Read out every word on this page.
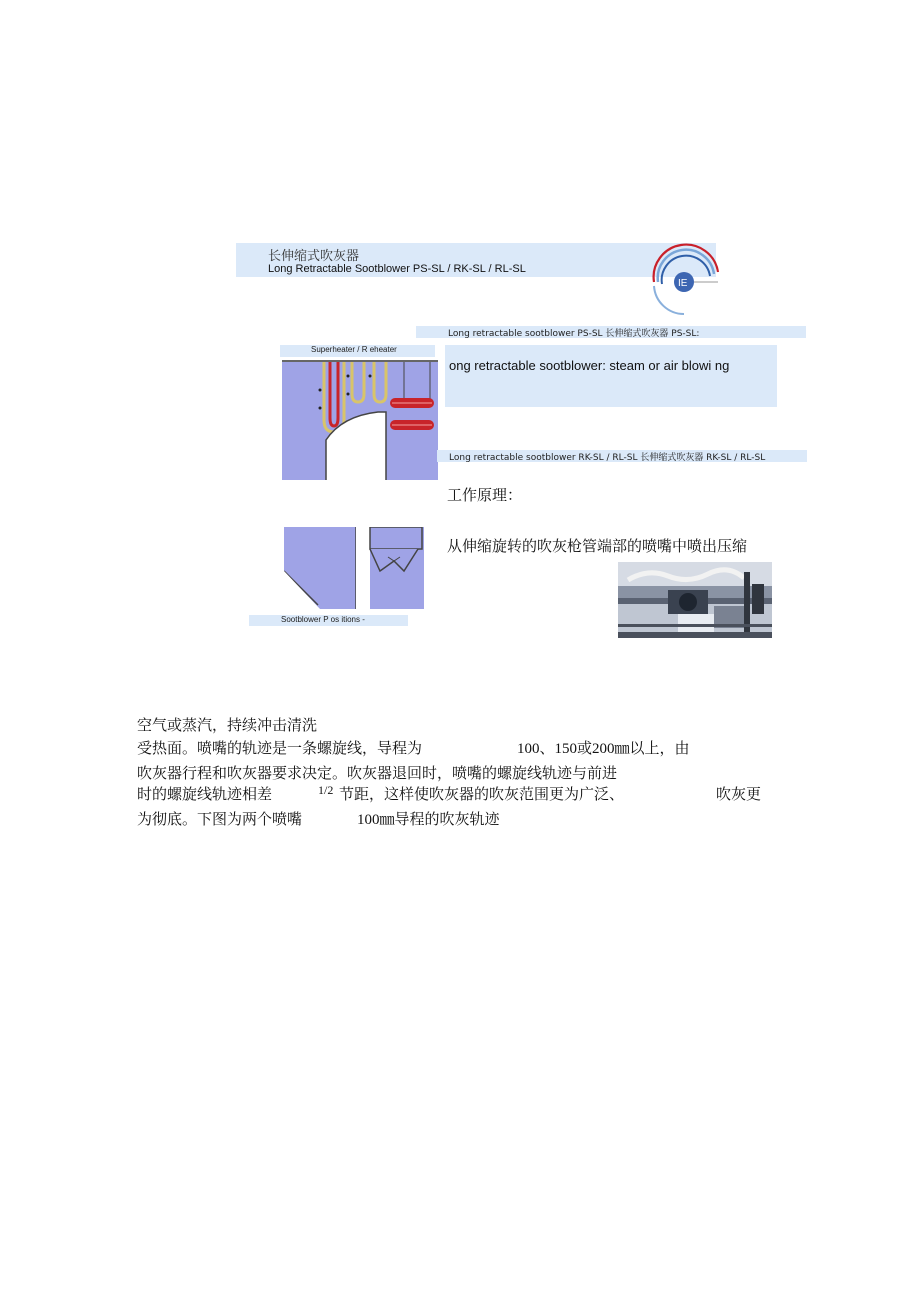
长伸缩式吹灰器
Long Retractable Sootblower PS-SL / RK-SL / RL-SL
IE
Long retractable sootblower PS-SL 长伸缩式吹灰器 PS-SL:
Superheater / R eheater
ong retractable sootblower: steam or air blowi ng
Long retractable sootblower RK-SL / RL-SL 长伸缩式吹灰器 RK-SL / RL-SL
工作原理：
从伸缩旋转的吹灰枪管端部的喷嘴中喷出压缩
Sootblower P os itions -
空气或蒸汽，持续冲击清洗
受热面。喷嘴的轨迹是一条螺旋线，导程为	100、150或200㎜以上，由
吹灰器行程和吹灰器要求决定。吹灰器退回时，喷嘴的螺旋线轨迹与前进
时的螺旋线轨迹相差	1/2 节距，这样使吹灰器的吹灰范围更为广泛、	吹灰更
为彻底。下图为两个喷嘴	100㎜导程的吹灰轨迹
